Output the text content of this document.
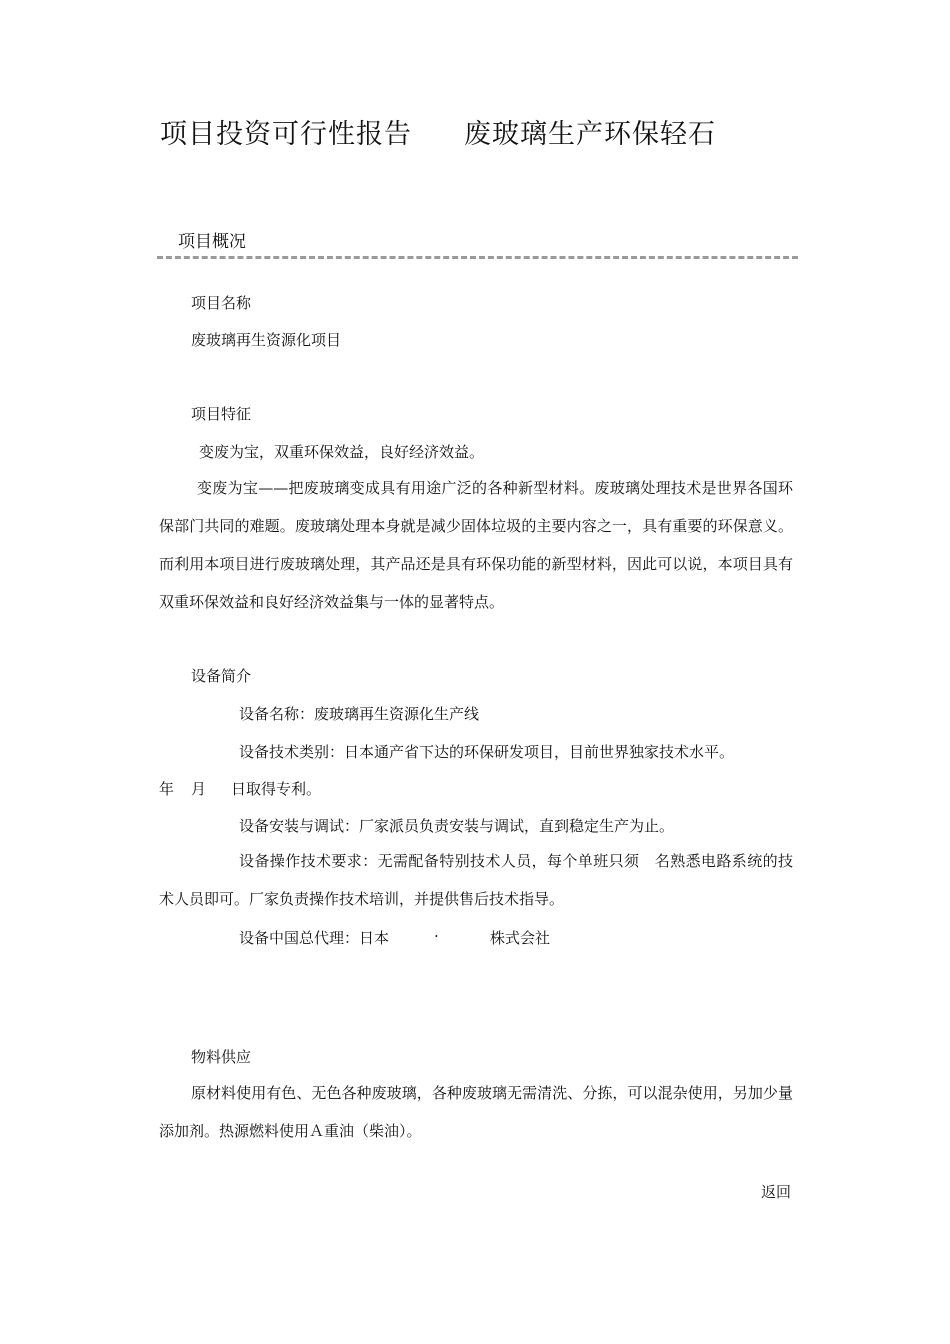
项目投资可行性报告 废玻璃生产环保轻石
项目概况
项目名称
废玻璃再生资源化项目
项目特征
变废为宝，双重环保效益，良好经济效益。

变废为宝——把废玻璃变成具有用途广泛的各种新型材料。废玻璃处理技术是世界各国环保部门共同的难题。废玻璃处理本身就是减少固体垃圾的主要内容之一，具有重要的环保意义。而利用本项目进行废玻璃处理，其产品还是具有环保功能的新型材料，因此可以说，本项目具有双重环保效益和良好经济效益集与一体的显著特点。

设备简介
设备名称：废玻璃再生资源化生产线
设备技术类别：日本通产省下达的环保研发项目，目前世界独家技术水平。
年 月 日取得专利。
设备安装与调试：厂家派员负责安装与调试，直到稳定生产为止。

设备操作技术要求：无需配备特别技术人员，每个单班只须　名熟悉电路系统的技术人员即可。厂家负责操作技术培训，并提供售后技术指导。

设备中国总代理：日本	·	株式会社
物料供应

原材料使用有色、无色各种废玻璃，各种废玻璃无需清洗、分拣，可以混杂使用，另加少量添加剂。热源燃料使用Ａ重油（柴油）。

返回
